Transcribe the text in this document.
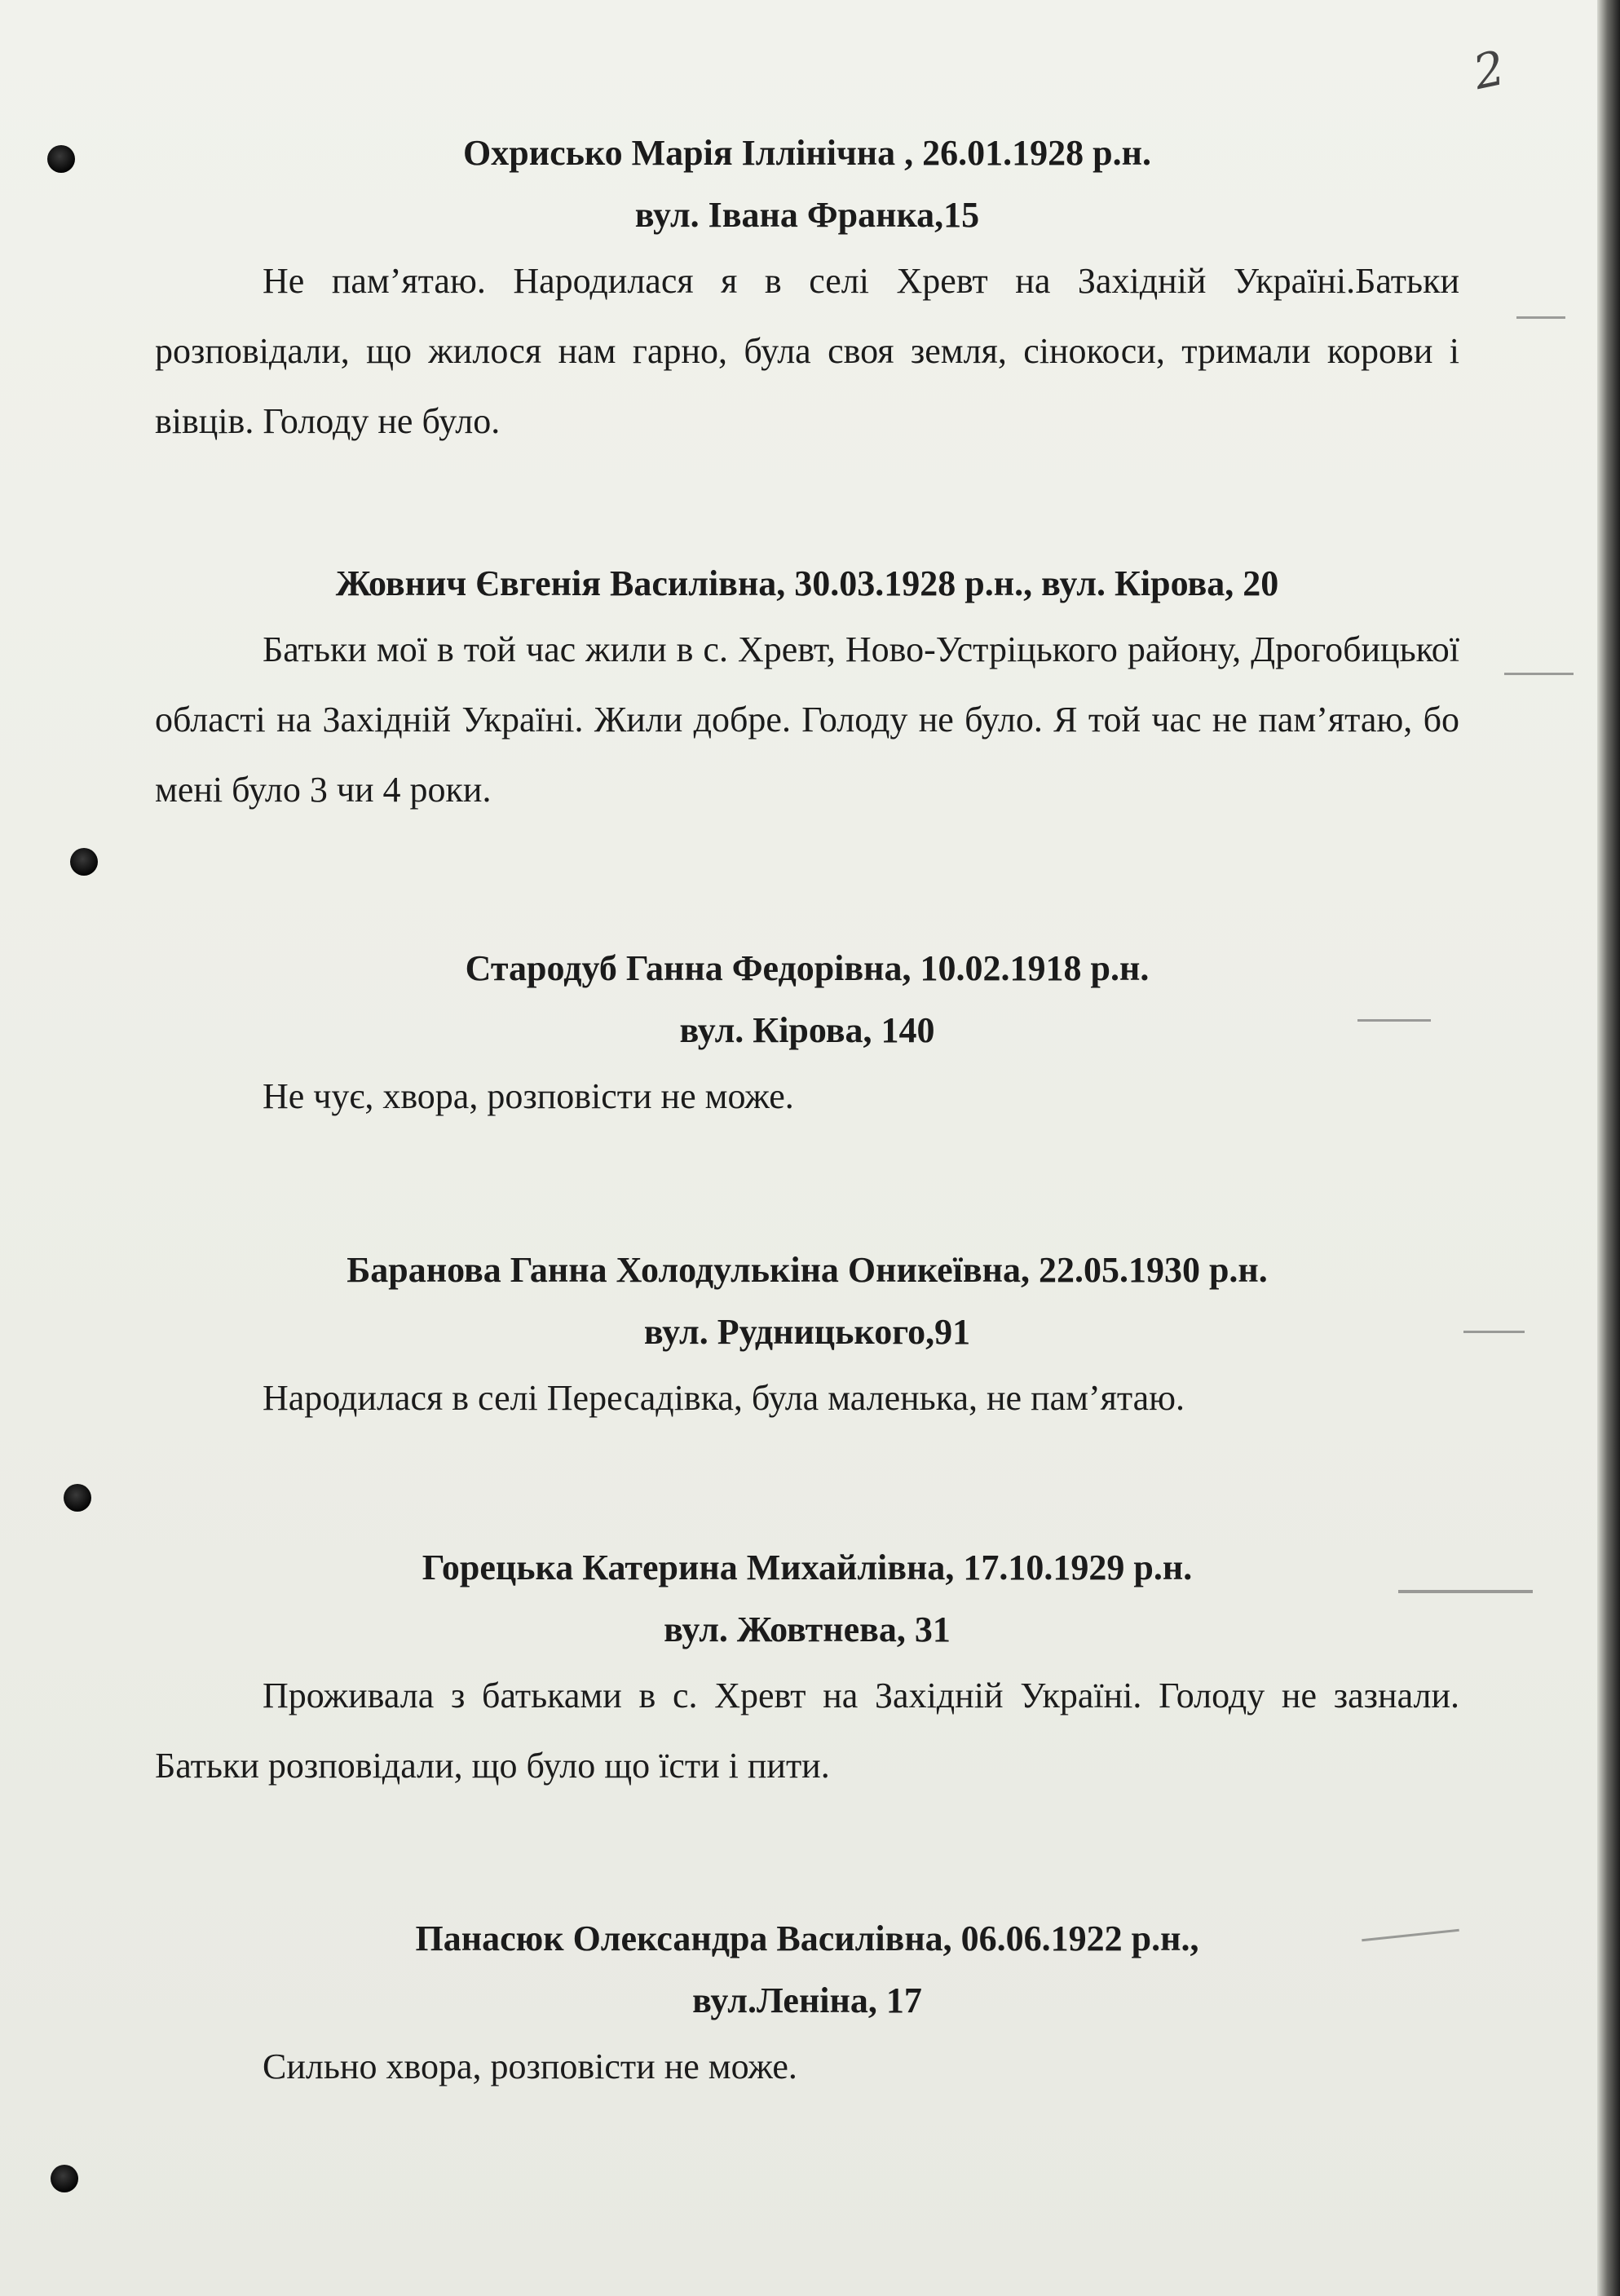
2
Охрисько Марія Іллінічна , 26.01.1928 р.н.
вул. Івана Франка,15

Не пам’ятаю. Народилася я в селі Хревт на Західній Україні.Батьки розповідали, що жилося нам гарно, була своя земля, сінокоси, тримали корови і вівців. Голоду не було.

Жовнич Євгенія Василівна, 30.03.1928 р.н., вул. Кірова, 20

Батьки мої в той час жили в с. Хревт, Ново-Устріцького району, Дрогобицької області на Західній Україні. Жили добре. Голоду не було. Я той час не пам’ятаю, бо мені було 3 чи 4 роки.

Стародуб Ганна Федорівна, 10.02.1918 р.н.
вул. Кірова, 140

Не чує, хвора, розповісти не може.

Баранова Ганна Холодулькіна Оникеївна, 22.05.1930 р.н.
вул. Рудницького,91

Народилася в селі Пересадівка, була маленька, не пам’ятаю.

Горецька Катерина Михайлівна, 17.10.1929 р.н.
вул. Жовтнева, 31

Проживала з батьками в с. Хревт на Західній Україні. Голоду не зазнали. Батьки розповідали, що було що їсти і пити.

Панасюк Олександра Василівна, 06.06.1922 р.н.,
вул.Леніна, 17

Сильно хвора, розповісти не може.
